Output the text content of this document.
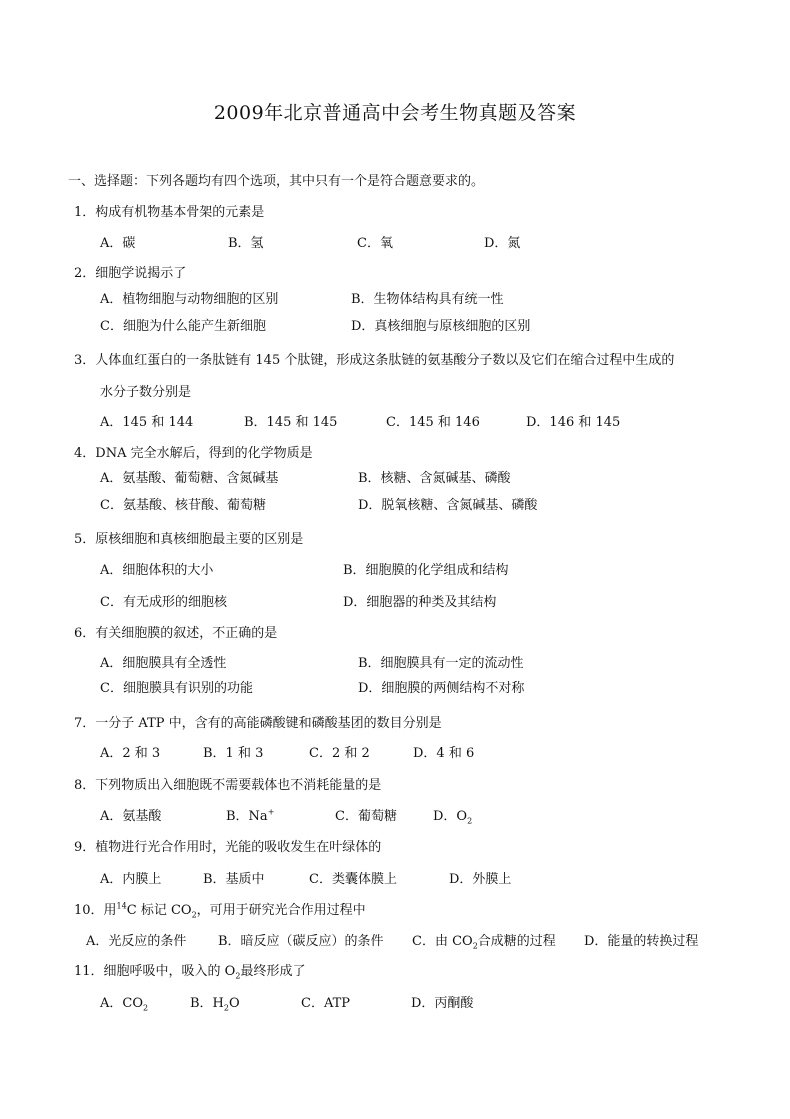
2009年北京普通高中会考生物真题及答案
一、选择题：下列各题均有四个选项，其中只有一个是符合题意要求的。
1．构成有机物基本骨架的元素是
A．碳	B．氢	C．氧	D．氮
2．细胞学说揭示了
A．植物细胞与动物细胞的区别	B．生物体结构具有统一性
C．细胞为什么能产生新细胞	D．真核细胞与原核细胞的区别
3．人体血红蛋白的一条肽链有 145 个肽键，形成这条肽链的氨基酸分子数以及它们在缩合过程中生成的
水分子数分别是
A．145 和 144	B．145 和 145	C．145 和 146	D．146 和 145
4．DNA 完全水解后，得到的化学物质是
A．氨基酸、葡萄糖、含氮碱基	B．核糖、含氮碱基、磷酸
C．氨基酸、核苷酸、葡萄糖	D．脱氧核糖、含氮碱基、磷酸
5．原核细胞和真核细胞最主要的区别是
A．细胞体积的大小	B．细胞膜的化学组成和结构
C．有无成形的细胞核	D．细胞器的种类及其结构
6．有关细胞膜的叙述，不正确的是
A．细胞膜具有全透性	B．细胞膜具有一定的流动性
C．细胞膜具有识别的功能	D．细胞膜的两侧结构不对称
7．一分子 ATP 中，含有的高能磷酸键和磷酸基团的数目分别是
A．2 和 3	B．1 和 3	C．2 和 2	D．4 和 6
8．下列物质出入细胞既不需要载体也不消耗能量的是
A．氨基酸	B．Na+	C．葡萄糖	D．$O_2$
9．植物进行光合作用时，光能的吸收发生在叶绿体的
A．内膜上	B．基质中	C．类囊体膜上	D．外膜上
10．用$^{14}$C 标记 $CO_2$，可用于研究光合作用过程中
A．光反应的条件 B．暗反应（碳反应）的条件 C．由 $CO_2$合成糖的过程 D．能量的转换过程
11．细胞呼吸中，吸入的 $O_2$最终形成了
A．$CO_2$	B．$H_2O$	C．ATP	D．丙酮酸
